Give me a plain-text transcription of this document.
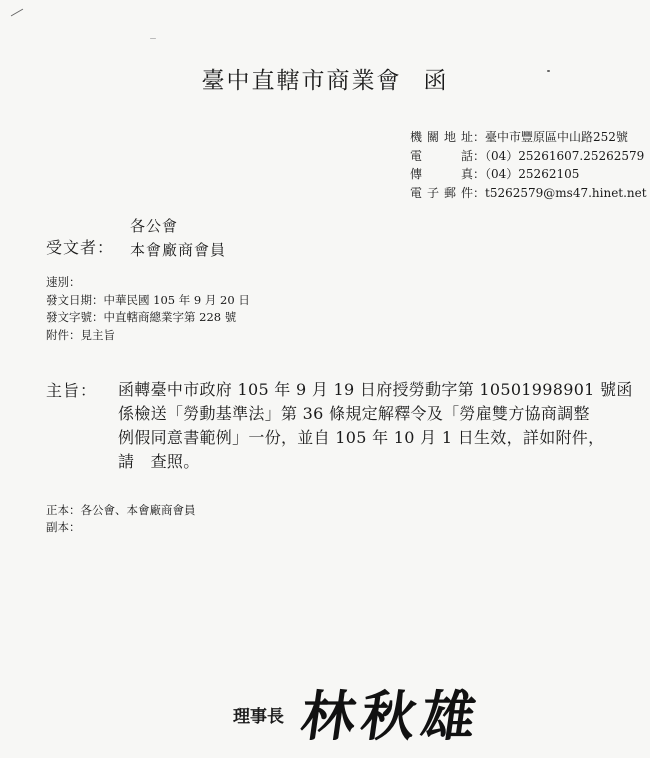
臺中直轄市商業會 函
機關地址：臺中市豐原區中山路252號
電 話：（04）25261607.25262579
傳 真：（04）25262105
電子郵件：t5262579@ms47.hinet.net
受文者：
各公會
本會廠商會員
速別：
發文日期：中華民國 105 年 9 月 20 日
發文字號：中直轄商總業字第 228 號
附件：見主旨
主旨： 函轉臺中市政府 105 年 9 月 19 日府授勞動字第 10501998901 號函
係檢送「勞動基準法」第 36 條規定解釋令及「勞雇雙方協商調整
例假同意書範例」一份，並自 105 年 10 月 1 日生效，詳如附件，
請　查照。
正本：各公會、本會廠商會員
副本：
理事長 林秋雄
